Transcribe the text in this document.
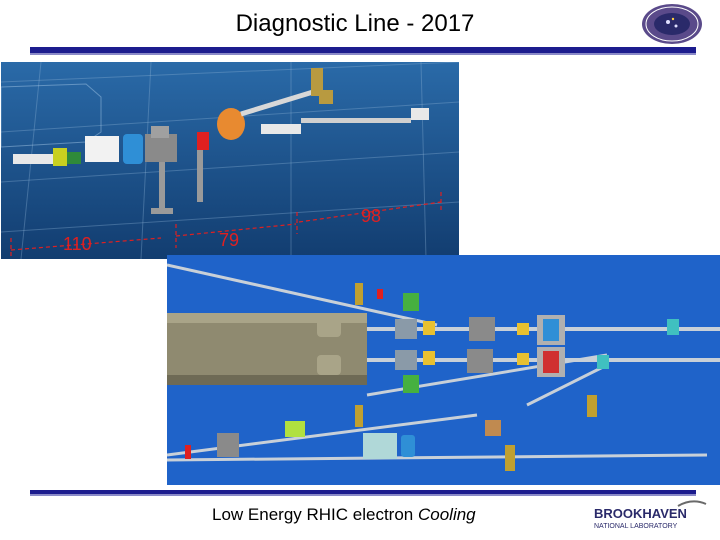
Diagnostic Line - 2017
110	79
98
Low Energy RHIC electron Cooling	BROOKHAVEN
NATIONAL LABORATORY
